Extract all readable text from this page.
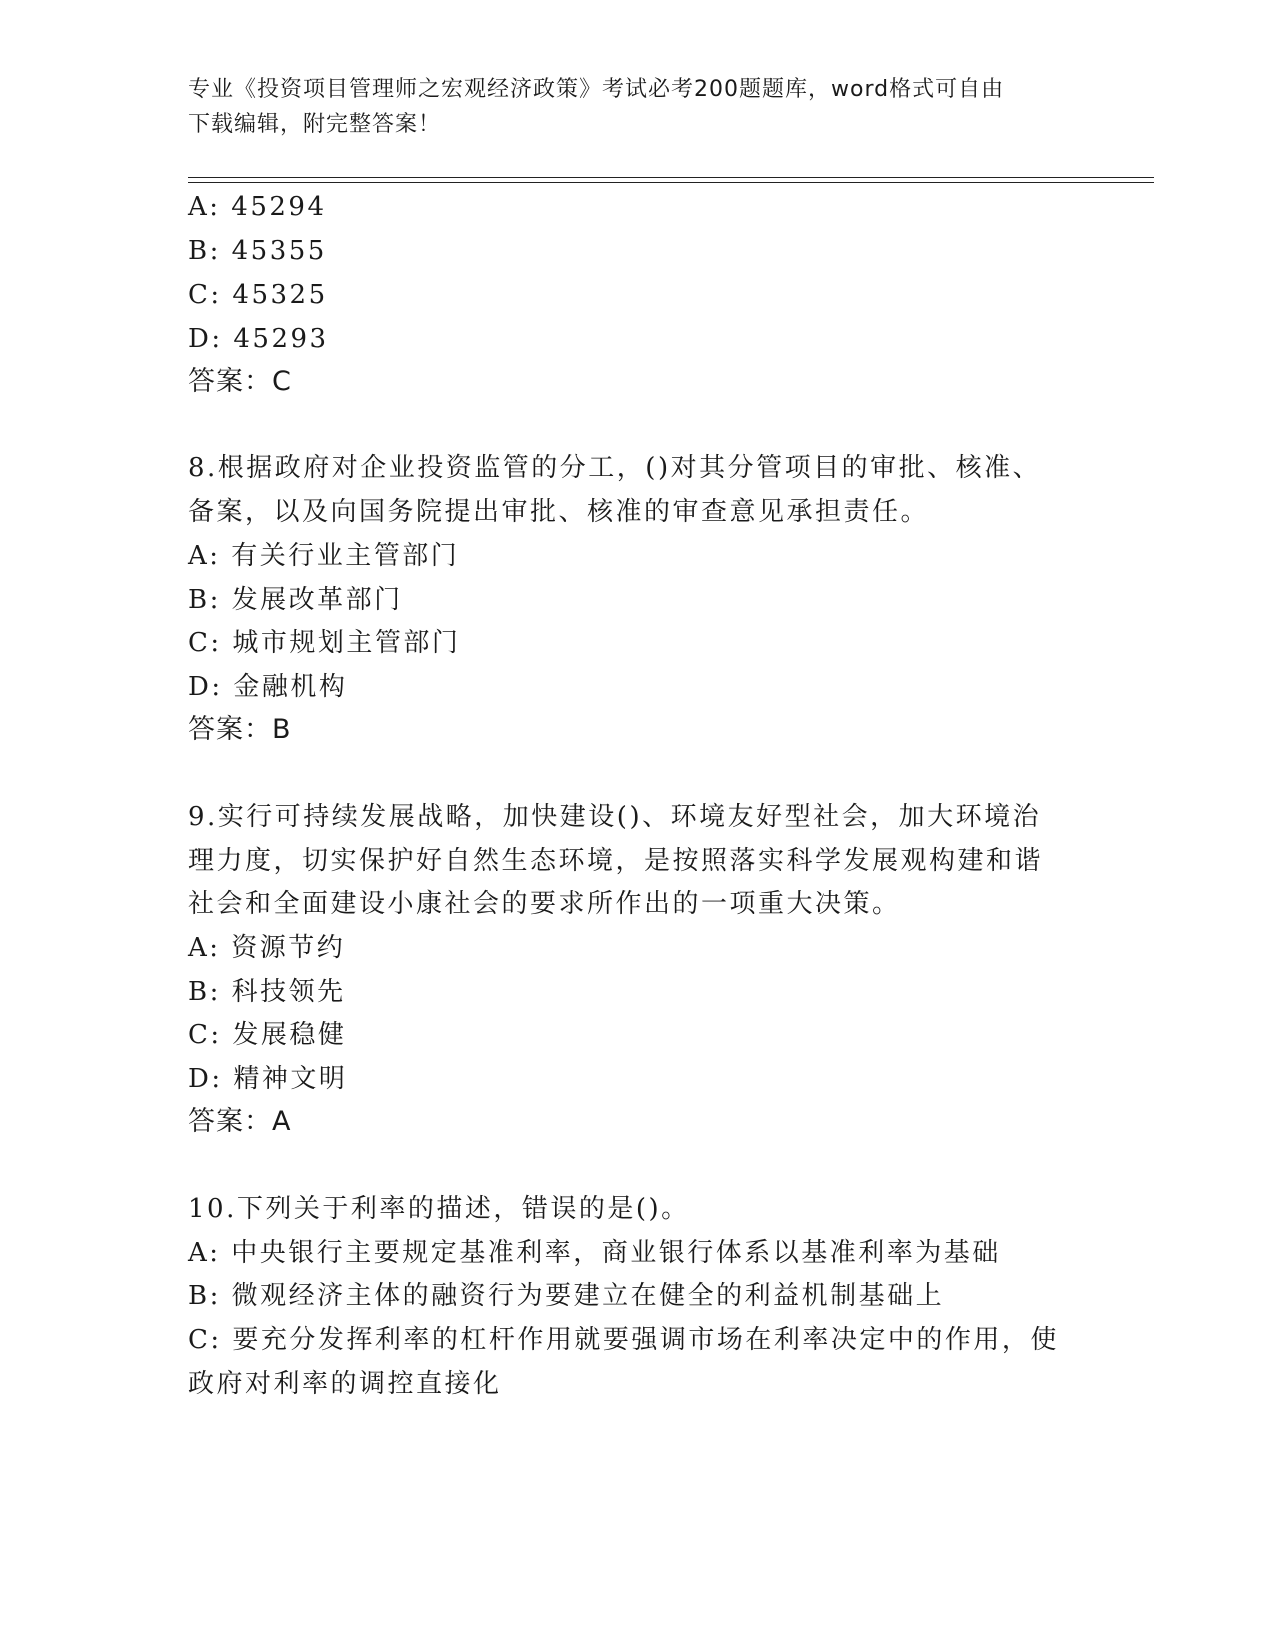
专业《投资项目管理师之宏观经济政策》考试必考200题题库，word格式可自由
下载编辑，附完整答案！
A: 45294
B: 45355
C: 45325
D: 45293
答案：C
8.根据政府对企业投资监管的分工，()对其分管项目的审批、核准、
备案，以及向国务院提出审批、核准的审查意见承担责任。
A: 有关行业主管部门
B: 发展改革部门
C: 城市规划主管部门
D: 金融机构
答案：B
9.实行可持续发展战略，加快建设()、环境友好型社会，加大环境治
理力度，切实保护好自然生态环境，是按照落实科学发展观构建和谐
社会和全面建设小康社会的要求所作出的一项重大决策。
A: 资源节约
B: 科技领先
C: 发展稳健
D: 精神文明
答案：A
10.下列关于利率的描述，错误的是()。
A: 中央银行主要规定基准利率，商业银行体系以基准利率为基础
B: 微观经济主体的融资行为要建立在健全的利益机制基础上
C: 要充分发挥利率的杠杆作用就要强调市场在利率决定中的作用，使
政府对利率的调控直接化
